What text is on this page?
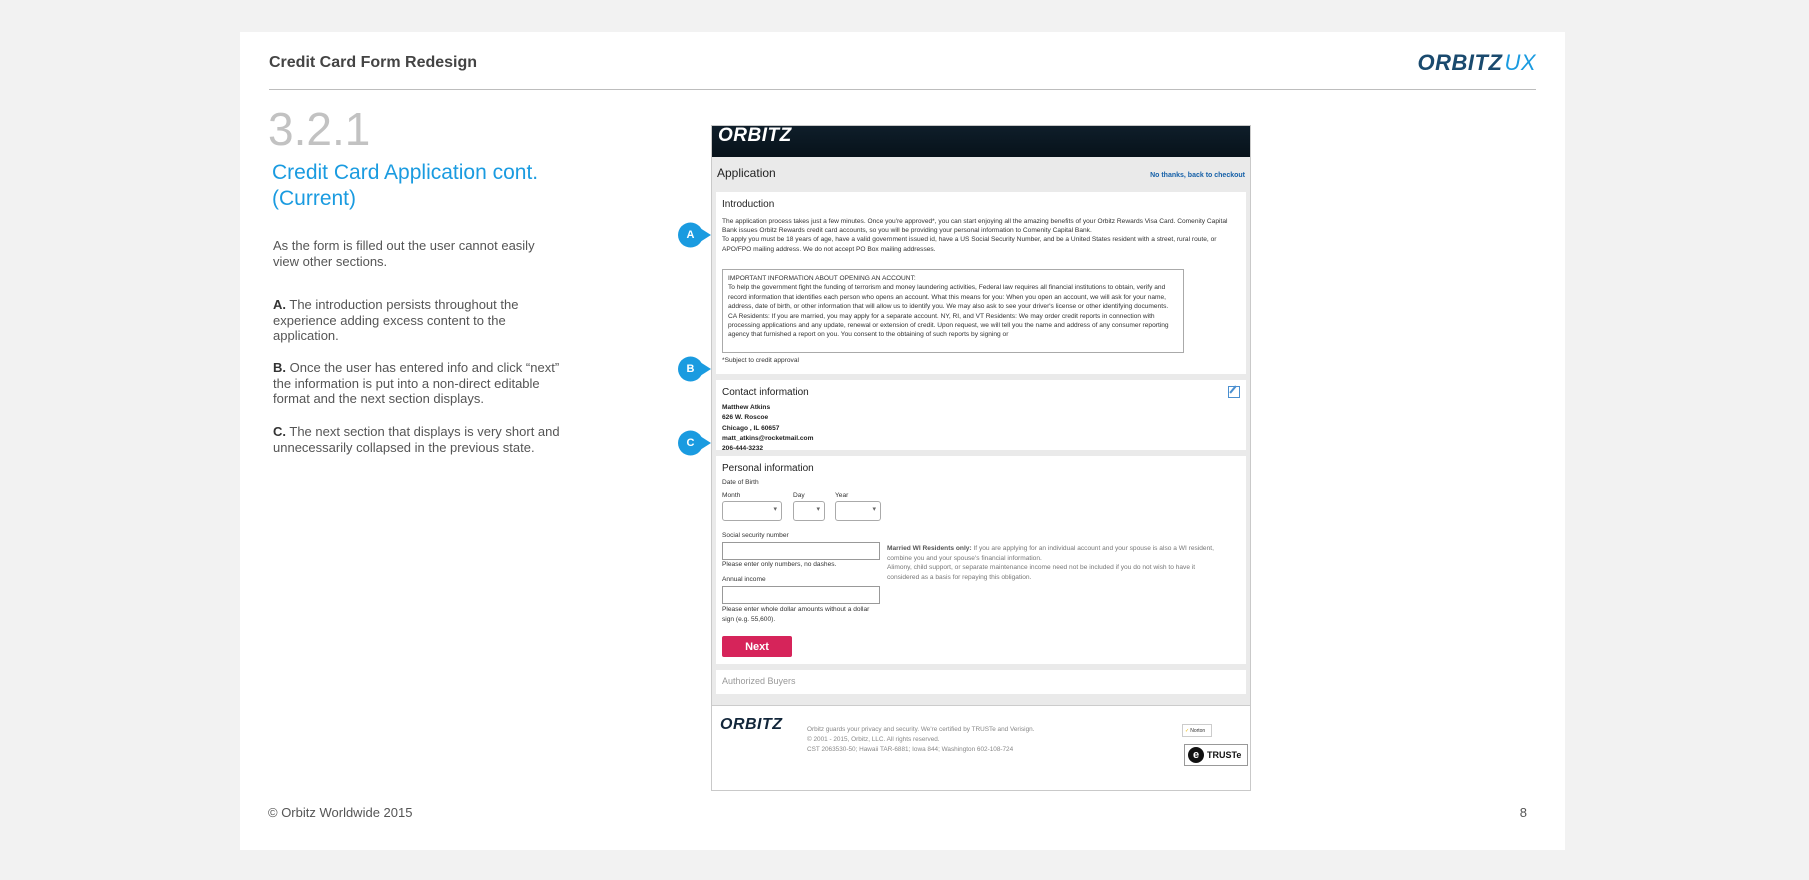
Credit Card Form Redesign	ORBITZUX
3.2.1
Credit Card Application cont. (Current)
As the form is filled out the user cannot easily view other sections.
A. The introduction persists throughout the experience adding excess content to the application.
B. Once the user has entered info and click “next” the information is put into a non-direct editable format and the next section displays.
C. The next section that displays is very short and unnecessarily collapsed in the previous state.
ORBITZ
Application	No thanks, back to checkout
Introduction
The application process takes just a few minutes. Once you're approved*, you can start enjoying all the amazing benefits of your Orbitz Rewards Visa Card. Comenity Capital Bank issues Orbitz Rewards credit card accounts, so you will be providing your personal information to Comenity Capital Bank.
To apply you must be 18 years of age, have a valid government issued id, have a US Social Security Number, and be a United States resident with a street, rural route, or APO/FPO mailing address. We do not accept PO Box mailing addresses.
IMPORTANT INFORMATION ABOUT OPENING AN ACCOUNT:
To help the government fight the funding of terrorism and money laundering activities, Federal law requires all financial institutions to obtain, verify and record information that identifies each person who opens an account. What this means for you: When you open an account, we will ask for your name, address, date of birth, or other information that will allow us to identify you. We may also ask to see your driver's license or other identifying documents.
CA Residents: If you are married, you may apply for a separate account. NY, RI, and VT Residents: We may order credit reports in connection with processing applications and any update, renewal or extension of credit. Upon request, we will tell you the name and address of any consumer reporting agency that furnished a report on you. You consent to the obtaining of such reports by signing or
*Subject to credit approval
Contact information
Matthew Atkins
626 W. Roscoe
Chicago , IL 60657
matt_atkins@rocketmail.com
206-444-3232
Personal information
Date of Birth
Month	Day	Year
▾
▾
▾
Social security number
Please enter only numbers, no dashes.
Annual income
Please enter whole dollar amounts without a dollar sign (e.g. 55,600).
Married WI Residents only: If you are applying for an individual account and your spouse is also a WI resident, combine you and your spouse's financial information.
Alimony, child support, or separate maintenance income need not be included if you do not wish to have it considered as a basis for repaying this obligation.
Next
Authorized Buyers
ORBITZ	Orbitz guards your privacy and security. We're certified by TRUSTe and Verisign.
© 2001 - 2015, Orbitz, LLC. All rights reserved.
CST 2063530-50; Hawaii TAR-6881; Iowa 844; Washington 602-108-724
✓ Norton
e TRUSTe
A
B
C
© Orbitz Worldwide 2015	8
